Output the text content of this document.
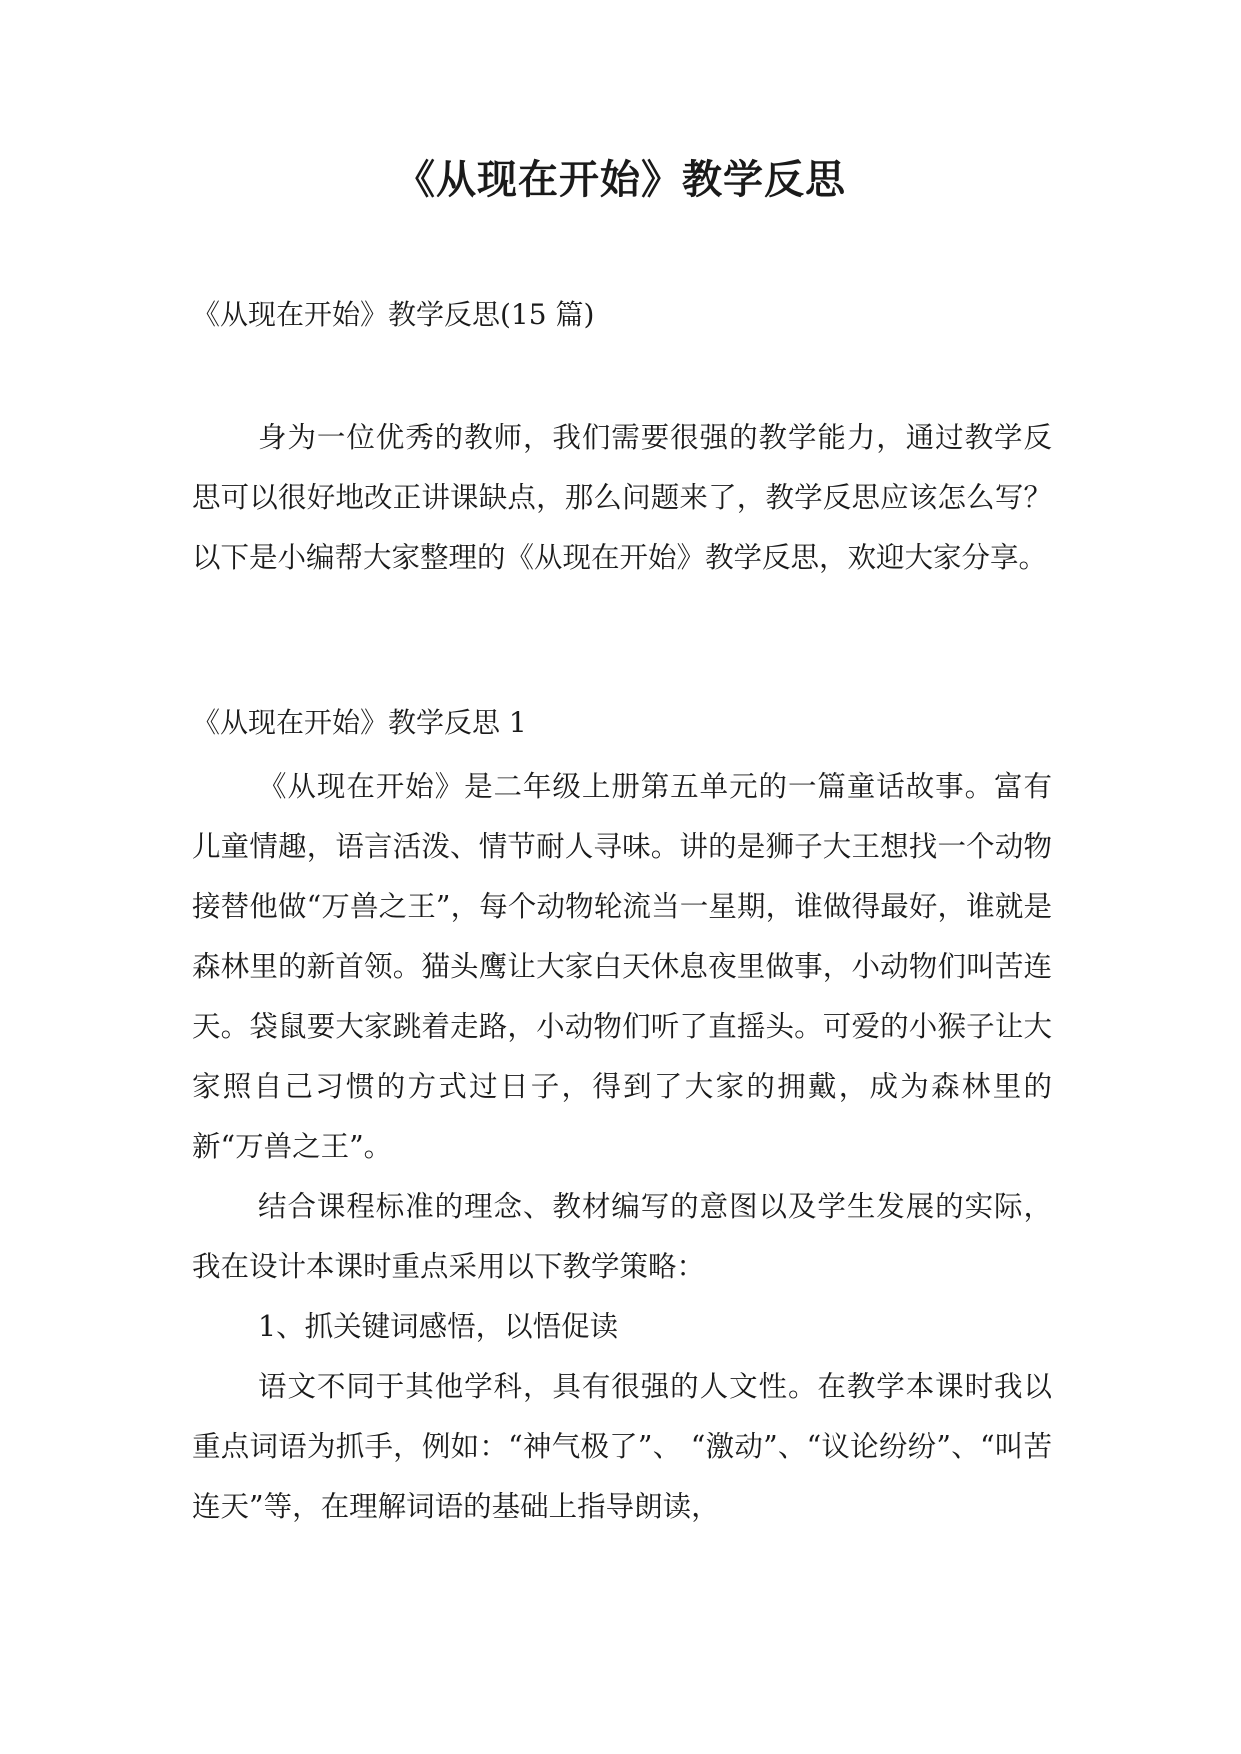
《从现在开始》教学反思

《从现在开始》教学反思(15 篇)

身为一位优秀的教师，我们需要很强的教学能力，通过教学反思可以很好地改正讲课缺点，那么问题来了，教学反思应该怎么写？以下是小编帮大家整理的《从现在开始》教学反思，欢迎大家分享。

《从现在开始》教学反思 1

《从现在开始》是二年级上册第五单元的一篇童话故事。富有儿童情趣，语言活泼、情节耐人寻味。讲的是狮子大王想找一个动物接替他做“万兽之王”，每个动物轮流当一星期，谁做得最好，谁就是森林里的新首领。猫头鹰让大家白天休息夜里做事，小动物们叫苦连天。袋鼠要大家跳着走路，小动物们听了直摇头。可爱的小猴子让大家照自己习惯的方式过日子，得到了大家的拥戴，成为森林里的新“万兽之王”。

结合课程标准的理念、教材编写的意图以及学生发展的实际，我在设计本课时重点采用以下教学策略：

1、抓关键词感悟，以悟促读

语文不同于其他学科，具有很强的人文性。在教学本课时我以重点词语为抓手，例如：“神气极了”、 “激动”、“议论纷纷”、“叫苦连天”等，在理解词语的基础上指导朗读，
